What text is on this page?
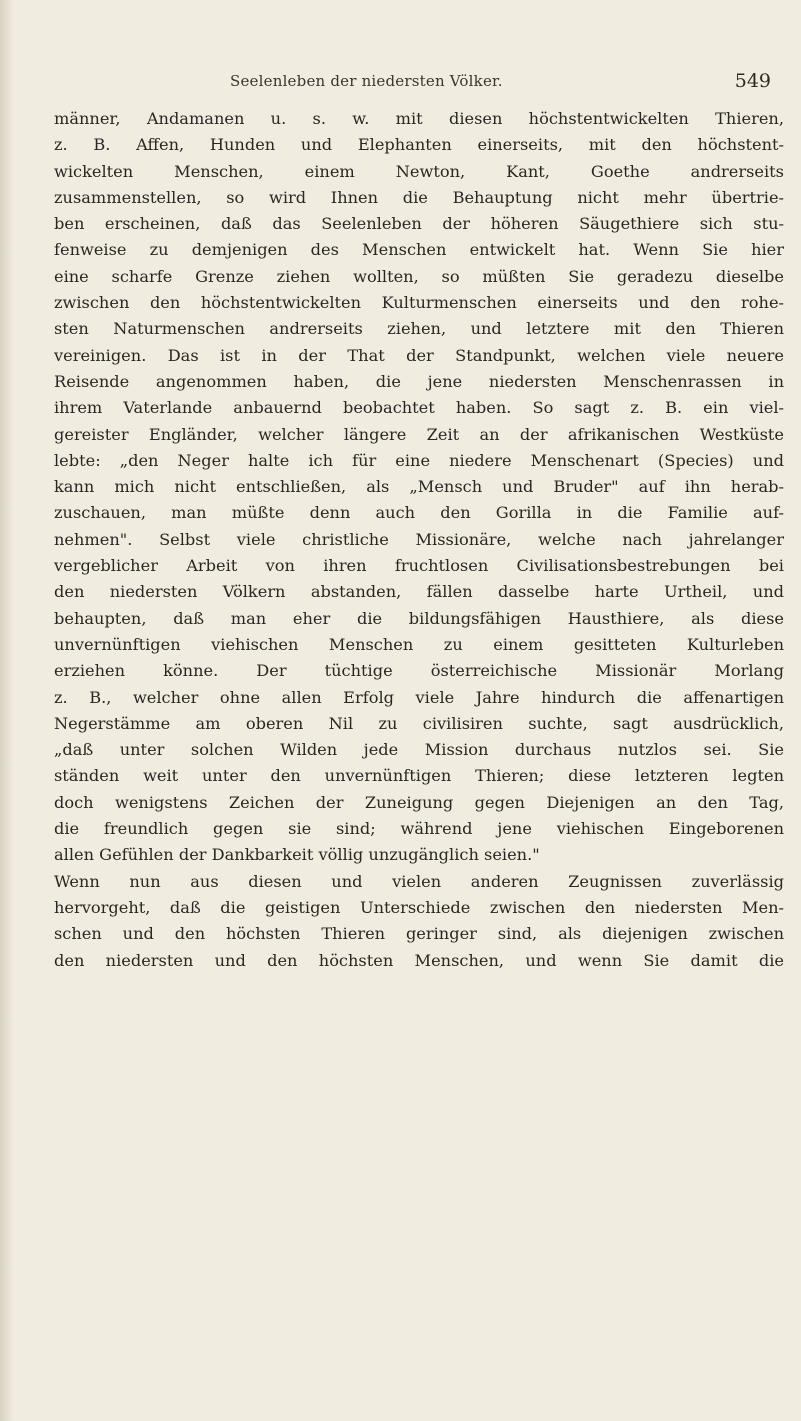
Seelenleben der niedersten Völker.	549
männer, Andamanen u. s. w. mit diesen höchstentwickelten Thieren,
z. B. Affen, Hunden und Elephanten einerseits, mit den höchstent-
wickelten Menschen, einem Newton, Kant, Goethe andrerseits
zusammenstellen, so wird Ihnen die Behauptung nicht mehr übertrie-
ben erscheinen, daß das Seelenleben der höheren Säugethiere sich stu-
fenweise zu demjenigen des Menschen entwickelt hat. Wenn Sie hier
eine scharfe Grenze ziehen wollten, so müßten Sie geradezu dieselbe
zwischen den höchstentwickelten Kulturmenschen einerseits und den rohe-
sten Naturmenschen andrerseits ziehen, und letztere mit den Thieren
vereinigen. Das ist in der That der Standpunkt, welchen viele neuere
Reisende angenommen haben, die jene niedersten Menschenrassen in
ihrem Vaterlande anbauernd beobachtet haben. So sagt z. B. ein viel-
gereister Engländer, welcher längere Zeit an der afrikanischen Westküste
lebte: „den Neger halte ich für eine niedere Menschenart (Species) und
kann mich nicht entschließen, als „Mensch und Bruder" auf ihn herab-
zuschauen, man müßte denn auch den Gorilla in die Familie auf-
nehmen". Selbst viele christliche Missionäre, welche nach jahrelanger
vergeblicher Arbeit von ihren fruchtlosen Civilisationsbestrebungen bei
den niedersten Völkern abstanden, fällen dasselbe harte Urtheil, und
behaupten, daß man eher die bildungsfähigen Hausthiere, als diese
unvernünftigen viehischen Menschen zu einem gesitteten Kulturleben
erziehen könne. Der tüchtige österreichische Missionär Morlang
z. B., welcher ohne allen Erfolg viele Jahre hindurch die affenartigen
Negerstämme am oberen Nil zu civilisiren suchte, sagt ausdrücklich,
„daß unter solchen Wilden jede Mission durchaus nutzlos sei. Sie
ständen weit unter den unvernünftigen Thieren; diese letzteren legten
doch wenigstens Zeichen der Zuneigung gegen Diejenigen an den Tag,
die freundlich gegen sie sind; während jene viehischen Eingeborenen
allen Gefühlen der Dankbarkeit völlig unzugänglich seien."
Wenn nun aus diesen und vielen anderen Zeugnissen zuverlässig
hervorgeht, daß die geistigen Unterschiede zwischen den niedersten Men-
schen und den höchsten Thieren geringer sind, als diejenigen zwischen
den niedersten und den höchsten Menschen, und wenn Sie damit die
